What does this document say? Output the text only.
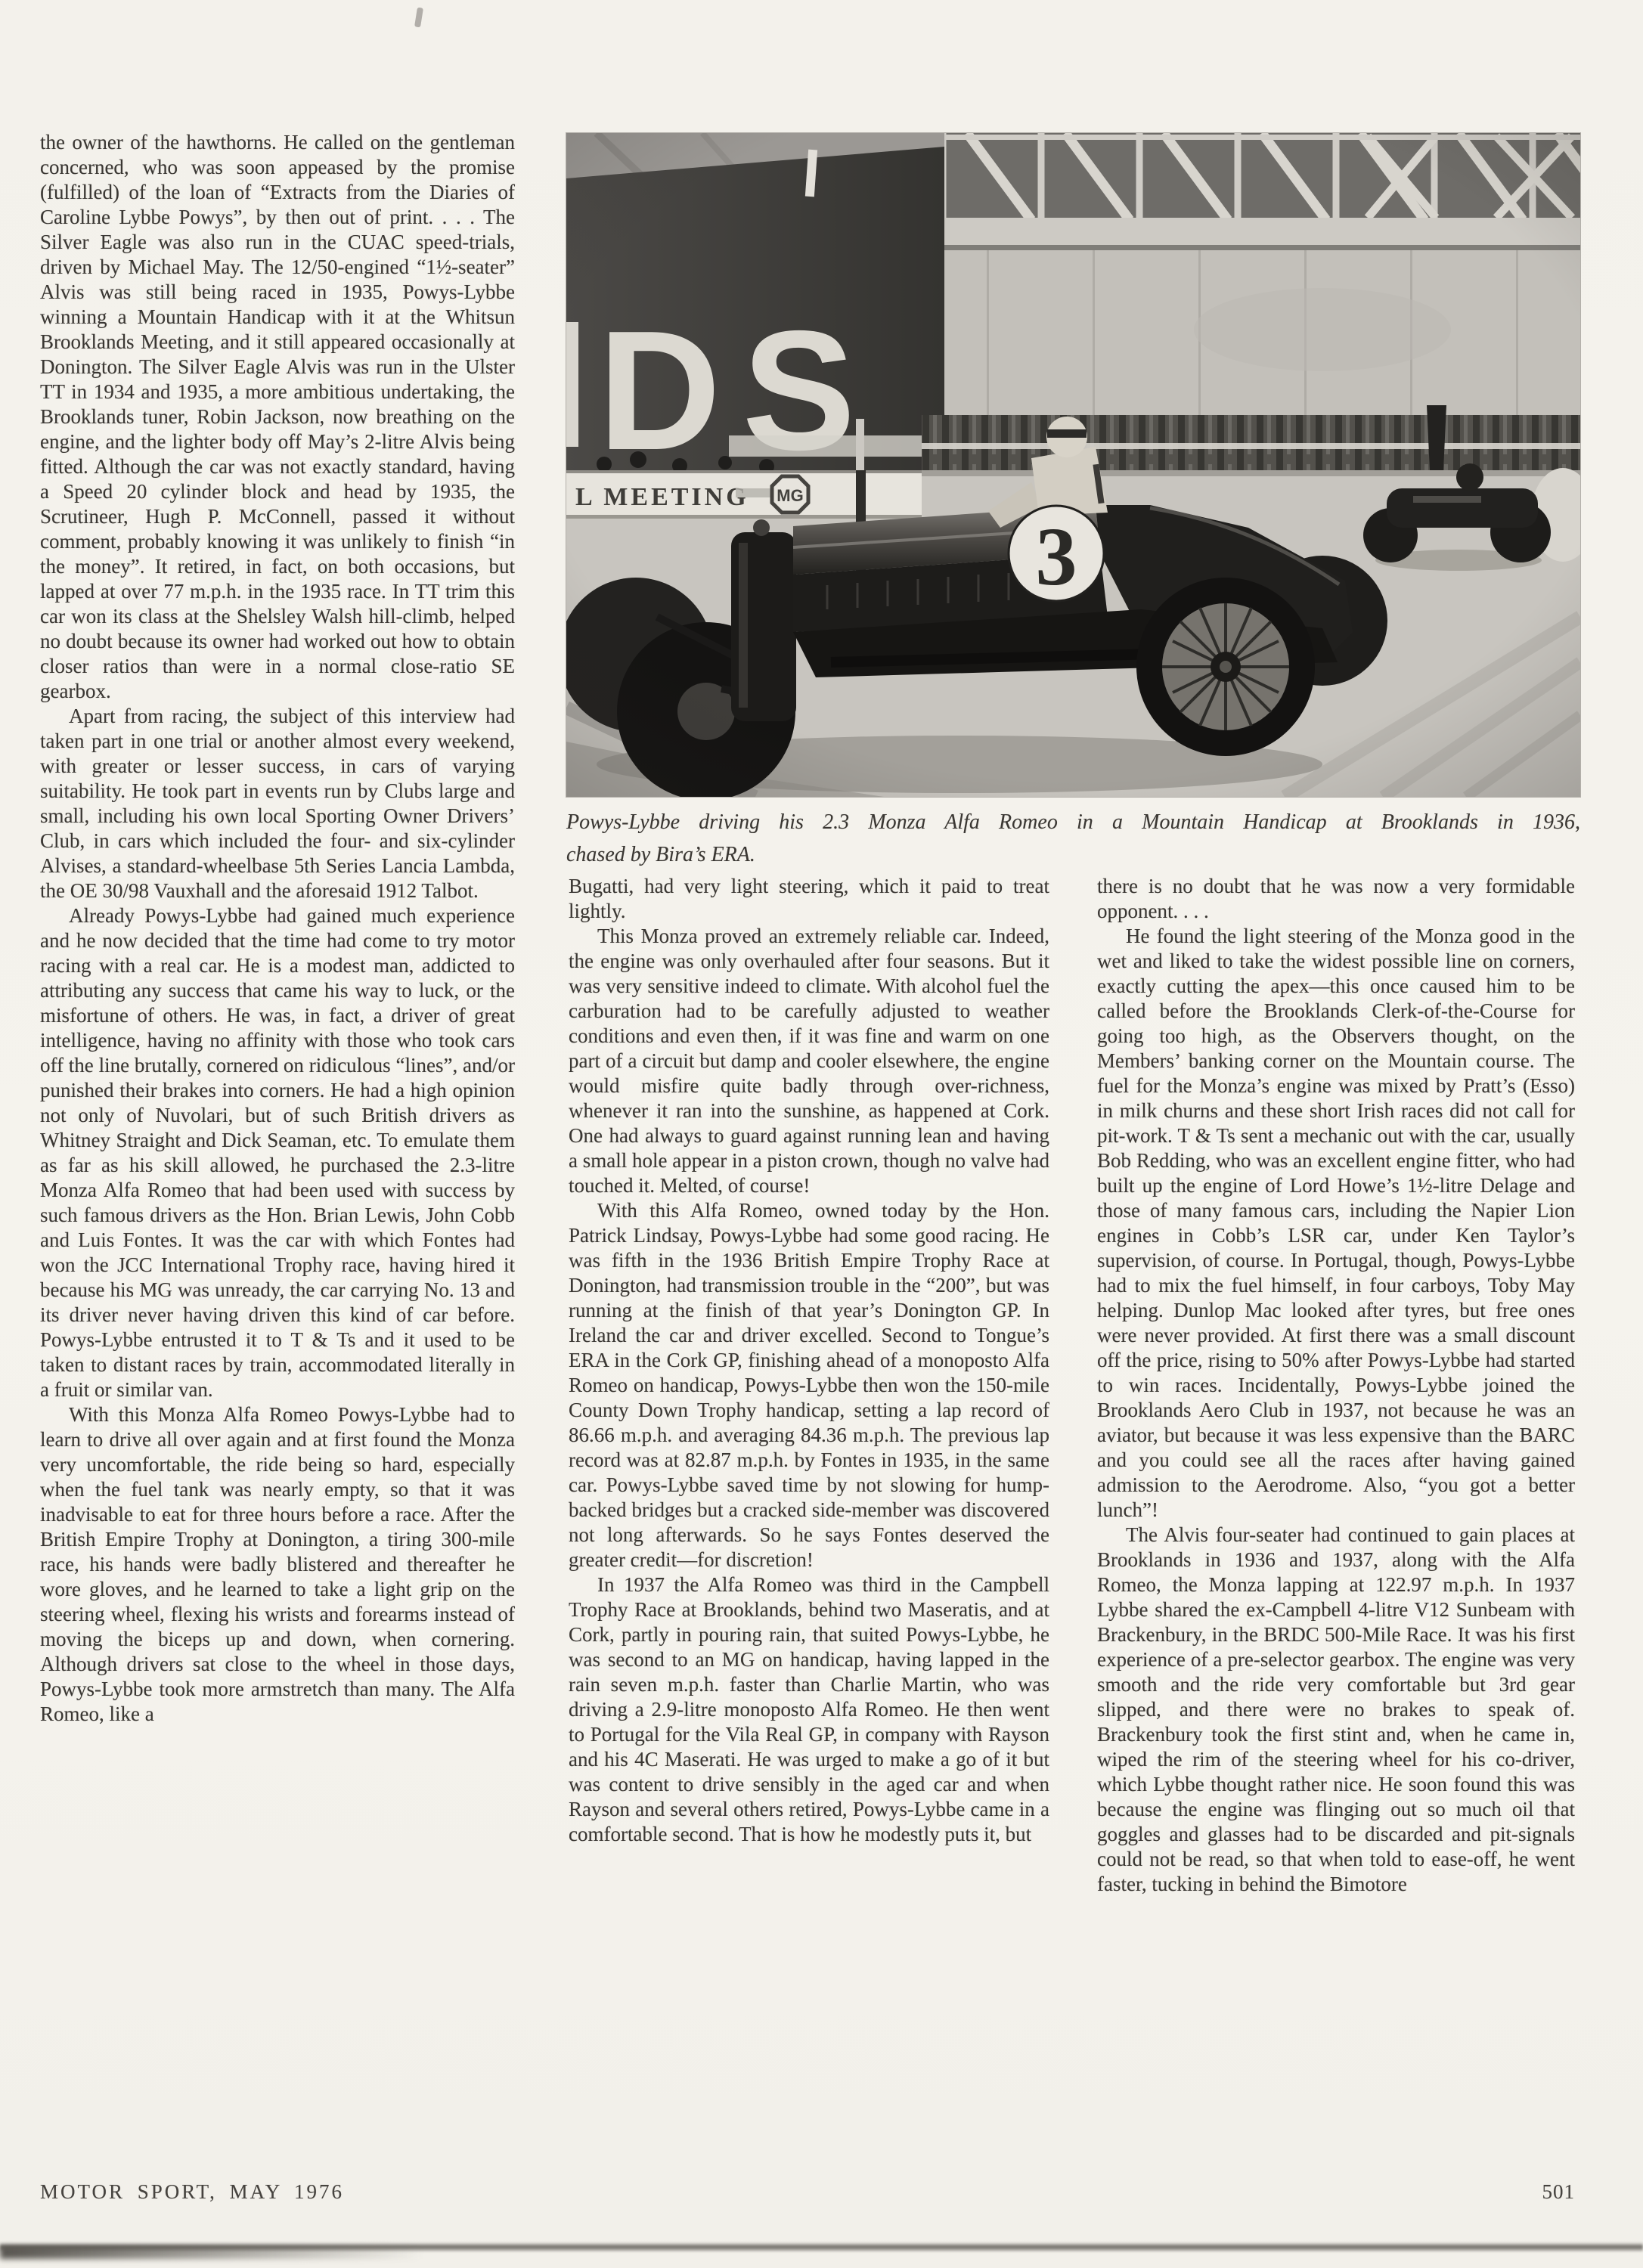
the owner of the hawthorns. He called on the gentleman concerned, who was soon appeased by the promise (fulfilled) of the loan of “Extracts from the Diaries of Caroline Lybbe Powys”, by then out of print. . . . The Silver Eagle was also run in the CUAC speed-trials, driven by Michael May. The 12/50-engined “1½-seater” Alvis was still being raced in 1935, Powys-Lybbe winning a Mountain Handicap with it at the Whitsun Brooklands Meeting, and it still appeared occasionally at Donington. The Silver Eagle Alvis was run in the Ulster TT in 1934 and 1935, a more ambitious undertaking, the Brooklands tuner, Robin Jackson, now breathing on the engine, and the lighter body off May’s 2-litre Alvis being fitted. Although the car was not exactly standard, having a Speed 20 cylinder block and head by 1935, the Scrutineer, Hugh P. McConnell, passed it without comment, probably knowing it was unlikely to finish “in the money”. It retired, in fact, on both occasions, but lapped at over 77 m.p.h. in the 1935 race. In TT trim this car won its class at the Shelsley Walsh hill-climb, helped no doubt because its owner had worked out how to obtain closer ratios than were in a normal close-ratio SE gearbox.

Apart from racing, the subject of this interview had taken part in one trial or another almost every weekend, with greater or lesser success, in cars of varying suitability. He took part in events run by Clubs large and small, including his own local Sporting Owner Drivers’ Club, in cars which included the four- and six-cylinder Alvises, a standard-wheelbase 5th Series Lancia Lambda, the OE 30/98 Vauxhall and the aforesaid 1912 Talbot.

Already Powys-Lybbe had gained much experience and he now decided that the time had come to try motor racing with a real car. He is a modest man, addicted to attributing any success that came his way to luck, or the misfortune of others. He was, in fact, a driver of great intelligence, having no affinity with those who took cars off the line brutally, cornered on ridiculous “lines”, and/or punished their brakes into corners. He had a high opinion not only of Nuvolari, but of such British drivers as Whitney Straight and Dick Seaman, etc. To emulate them as far as his skill allowed, he purchased the 2.3-litre Monza Alfa Romeo that had been used with success by such famous drivers as the Hon. Brian Lewis, John Cobb and Luis Fontes. It was the car with which Fontes had won the JCC International Trophy race, having hired it because his MG was unready, the car carrying No. 13 and its driver never having driven this kind of car before. Powys-Lybbe entrusted it to T & Ts and it used to be taken to distant races by train, accommodated literally in a fruit or similar van.

With this Monza Alfa Romeo Powys-Lybbe had to learn to drive all over again and at first found the Monza very uncomfortable, the ride being so hard, especially when the fuel tank was nearly empty, so that it was inadvisable to eat for three hours before a race. After the British Empire Trophy at Donington, a tiring 300-mile race, his hands were badly blistered and thereafter he wore gloves, and he learned to take a light grip on the steering wheel, flexing his wrists and forearms instead of moving the biceps up and down, when cornering. Although drivers sat close to the wheel in those days, Powys-Lybbe took more armstretch than many. The Alfa Romeo, like a

Powys-Lybbe driving his 2.3 Monza Alfa Romeo in a Mountain Handicap at Brooklands in 1936,
chased by Bira’s ERA.

Bugatti, had very light steering, which it paid to treat lightly.

This Monza proved an extremely reliable car. Indeed, the engine was only overhauled after four seasons. But it was very sensitive indeed to climate. With alcohol fuel the carburation had to be carefully adjusted to weather conditions and even then, if it was fine and warm on one part of a circuit but damp and cooler elsewhere, the engine would misfire quite badly through over-richness, whenever it ran into the sunshine, as happened at Cork. One had always to guard against running lean and having a small hole appear in a piston crown, though no valve had touched it. Melted, of course!

With this Alfa Romeo, owned today by the Hon. Patrick Lindsay, Powys-Lybbe had some good racing. He was fifth in the 1936 British Empire Trophy Race at Donington, had transmission trouble in the “200”, but was running at the finish of that year’s Donington GP. In Ireland the car and driver excelled. Second to Tongue’s ERA in the Cork GP, finishing ahead of a monoposto Alfa Romeo on handicap, Powys-Lybbe then won the 150-mile County Down Trophy handicap, setting a lap record of 86.66 m.p.h. and averaging 84.36 m.p.h. The previous lap record was at 82.87 m.p.h. by Fontes in 1935, in the same car. Powys-Lybbe saved time by not slowing for hump-backed bridges but a cracked side-member was discovered not long afterwards. So he says Fontes deserved the greater credit—for discretion!

In 1937 the Alfa Romeo was third in the Campbell Trophy Race at Brooklands, behind two Maseratis, and at Cork, partly in pouring rain, that suited Powys-Lybbe, he was second to an MG on handicap, having lapped in the rain seven m.p.h. faster than Charlie Martin, who was driving a 2.9-litre monoposto Alfa Romeo. He then went to Portugal for the Vila Real GP, in company with Rayson and his 4C Maserati. He was urged to make a go of it but was content to drive sensibly in the aged car and when Rayson and several others retired, Powys-Lybbe came in a comfortable second. That is how he modestly puts it, but

there is no doubt that he was now a very formidable opponent. . . .

He found the light steering of the Monza good in the wet and liked to take the widest possible line on corners, exactly cutting the apex—this once caused him to be called before the Brooklands Clerk-of-the-Course for going too high, as the Observers thought, on the Members’ banking corner on the Mountain course. The fuel for the Monza’s engine was mixed by Pratt’s (Esso) in milk churns and these short Irish races did not call for pit-work. T & Ts sent a mechanic out with the car, usually Bob Redding, who was an excellent engine fitter, who had built up the engine of Lord Howe’s 1½-litre Delage and those of many famous cars, including the Napier Lion engines in Cobb’s LSR car, under Ken Taylor’s supervision, of course. In Portugal, though, Powys-Lybbe had to mix the fuel himself, in four carboys, Toby May helping. Dunlop Mac looked after tyres, but free ones were never provided. At first there was a small discount off the price, rising to 50% after Powys-Lybbe had started to win races. Incidentally, Powys-Lybbe joined the Brooklands Aero Club in 1937, not because he was an aviator, but because it was less expensive than the BARC and you could see all the races after having gained admission to the Aerodrome. Also, “you got a better lunch”!

The Alvis four-seater had continued to gain places at Brooklands in 1936 and 1937, along with the Alfa Romeo, the Monza lapping at 122.97 m.p.h. In 1937 Lybbe shared the ex-Campbell 4-litre V12 Sunbeam with Brackenbury, in the BRDC 500-Mile Race. It was his first experience of a pre-selector gearbox. The engine was very smooth and the ride very comfortable but 3rd gear slipped, and there were no brakes to speak of. Brackenbury took the first stint and, when he came in, wiped the rim of the steering wheel for his co-driver, which Lybbe thought rather nice. He soon found this was because the engine was flinging out so much oil that goggles and glasses had to be discarded and pit-signals could not be read, so that when told to ease-off, he went faster, tucking in behind the Bimotore

MOTOR SPORT, MAY 1976	501
